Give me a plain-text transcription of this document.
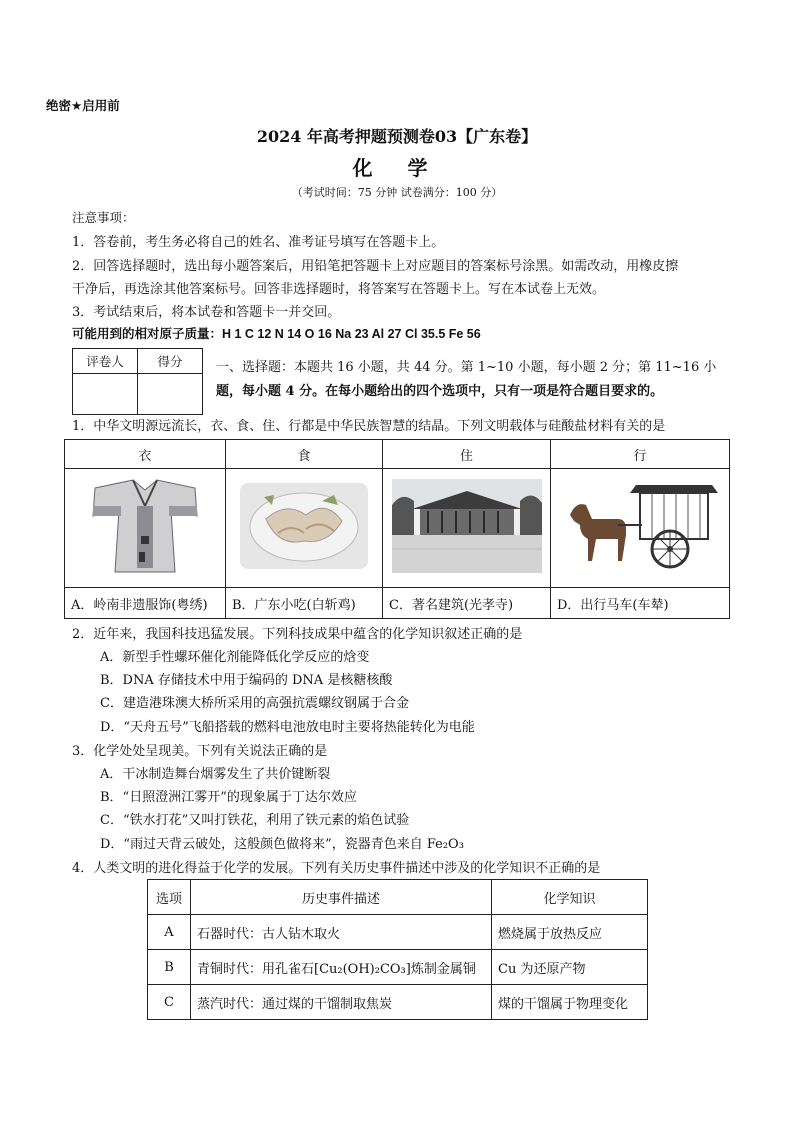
绝密★启用前
2024 年高考押题预测卷03【广东卷】
化 学
（考试时间：75 分钟 试卷满分：100 分）
注意事项：
1．答卷前，考生务必将自己的姓名、准考证号填写在答题卡上。
2．回答选择题时，选出每小题答案后，用铅笔把答题卡上对应题目的答案标号涂黑。如需改动，用橡皮擦
干净后，再选涂其他答案标号。回答非选择题时，将答案写在答题卡上。写在本试卷上无效。
3．考试结束后，将本试卷和答题卡一并交回。
可能用到的相对原子质量：H 1 C 12 N 14 O 16 Na 23 Al 27 Cl 35.5 Fe 56
评卷人	得分
		一、选择题：本题共 16 小题，共 44 分。第 1~10 小题，每小题 2 分；第 11~16 小
题，每小题 4 分。在每小题给出的四个选项中，只有一项是符合题目要求的。
1．中华文明源远流长，衣、食、住、行都是中华民族智慧的结晶。下列文明载体与硅酸盐材料有关的是
衣	食	住	行

A．岭南非遗服饰(粤绣)	B．广东小吃(白斩鸡)	C．著名建筑(光孝寺)	D．出行马车(车辇)
2．近年来，我国科技迅猛发展。下列科技成果中蕴含的化学知识叙述正确的是
A．新型手性螺环催化剂能降低化学反应的焓变
B．DNA 存储技术中用于编码的 DNA 是核糖核酸
C．建造港珠澳大桥所采用的高强抗震螺纹钢属于合金
D．“天舟五号”飞船搭载的燃料电池放电时主要将热能转化为电能
3．化学处处呈现美。下列有关说法正确的是
A．干冰制造舞台烟雾发生了共价键断裂
B．“日照澄洲江雾开”的现象属于丁达尔效应
C．“铁水打花”又叫打铁花，利用了铁元素的焰色试验
D．“雨过天背云破处，这般颜色做将来”，瓷器青色来自 Fe₂O₃
4．人类文明的进化得益于化学的发展。下列有关历史事件描述中涉及的化学知识不正确的是
选项	历史事件描述	化学知识
A	石器时代：古人钻木取火	燃烧属于放热反应
B	青铜时代：用孔雀石[Cu₂(OH)₂CO₃]炼制金属铜	Cu 为还原产物
C	蒸汽时代：通过煤的干馏制取焦炭	煤的干馏属于物理变化
